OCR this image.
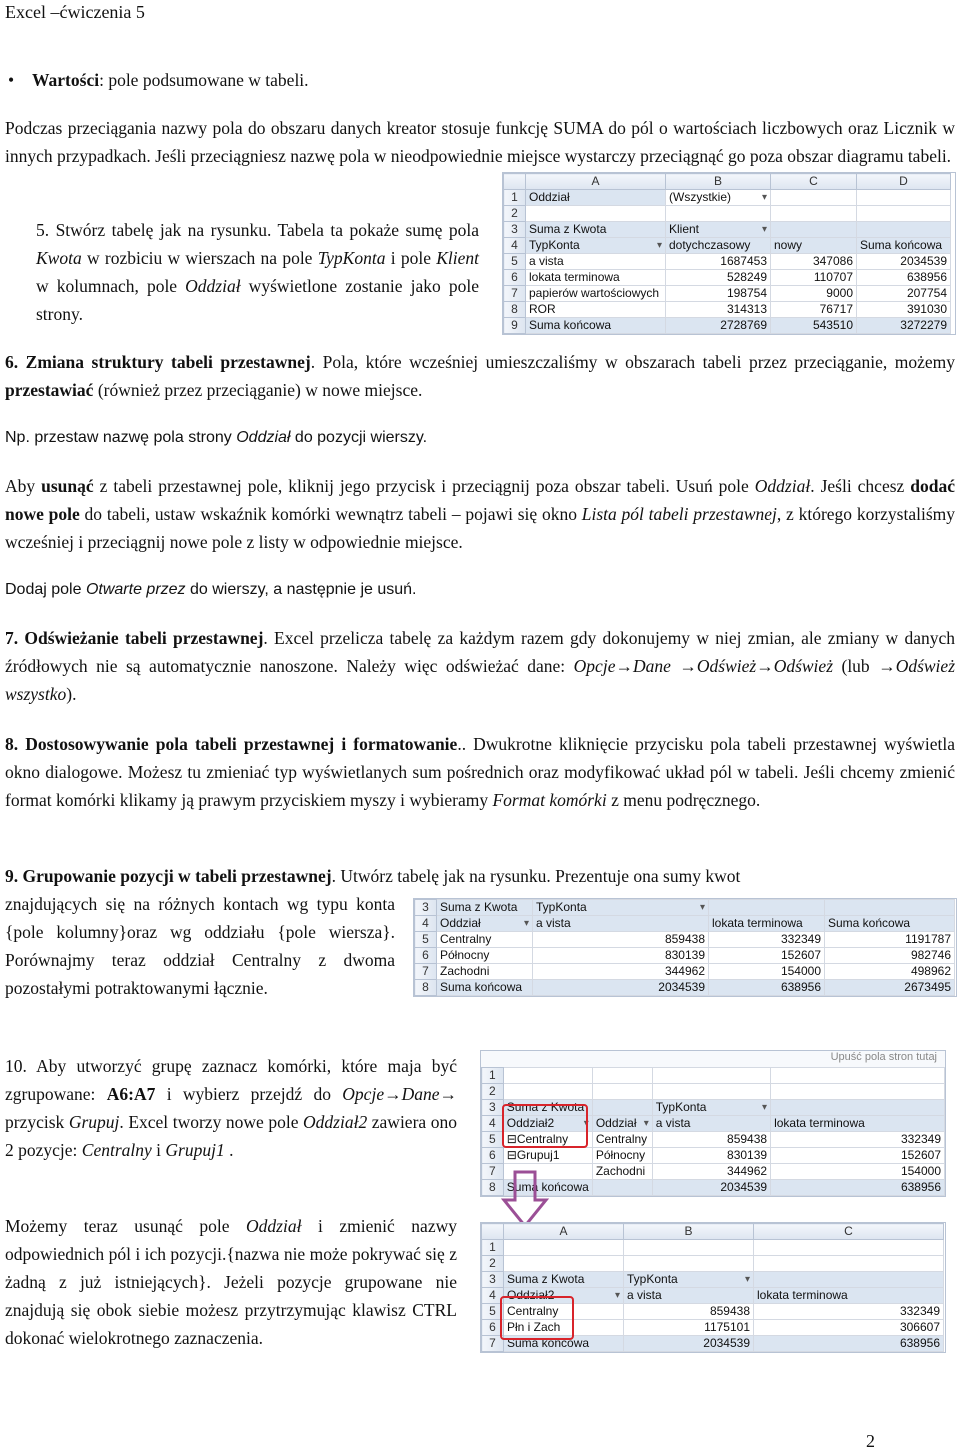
Excel –ćwiczenia 5
Wartości: pole podsumowane w tabeli.
Podczas przeciągania nazwy pola do obszaru danych kreator stosuje funkcję SUMA do pól o wartościach liczbowych oraz Licznik w innych przypadkach. Jeśli przeciągniesz nazwę pola w nieodpowiednie miejsce wystarczy przeciągnąć go poza obszar diagramu tabeli.
5. Stwórz tabelę jak na rysunku. Tabela ta pokaże sumę pola Kwota w rozbiciu w wierszach na pole TypKonta i pole Klient w kolumnach, pole Oddział wyświetlone zostanie jako pole strony.
	A	B	C	D
1	Oddział	(Wszystkie) ▾		
2				
3	Suma z Kwota	Klient ▾		
4	TypKonta ▾	dotychczasowy	nowy	Suma końcowa
5	a vista	1687453	347086	2034539
6	lokata terminowa	528249	110707	638956
7	papierów wartościowych	198754	9000	207754
8	ROR	314313	76717	391030
9	Suma końcowa	2728769	543510	3272279
6. Zmiana struktury tabeli przestawnej. Pola, które wcześniej umieszczaliśmy w obszarach tabeli przez przeciąganie, możemy przestawiać (również przez przeciąganie) w nowe miejsce.
Np. przestaw nazwę pola strony Oddział do pozycji wierszy.
Aby usunąć z tabeli przestawnej pole, kliknij jego przycisk i przeciągnij poza obszar tabeli. Usuń pole Oddział. Jeśli chcesz dodać nowe pole do tabeli, ustaw wskaźnik komórki wewnątrz tabeli – pojawi się okno Lista pól tabeli przestawnej, z którego korzystaliśmy wcześniej i przeciągnij nowe pole z listy w odpowiednie miejsce.
Dodaj pole Otwarte przez do wierszy, a następnie je usuń.
7. Odświeżanie tabeli przestawnej. Excel przelicza tabelę za każdym razem gdy dokonujemy w niej zmian, ale zmiany w danych źródłowych nie są automatycznie nanoszone. Należy więc odświeżać dane: Opcje→Dane →Odśwież→Odśwież (lub →Odśwież wszystko).
8. Dostosowywanie pola tabeli przestawnej i formatowanie.. Dwukrotne kliknięcie przycisku pola tabeli przestawnej wyświetla okno dialogowe. Możesz tu zmieniać typ wyświetlanych sum pośrednich oraz modyfikować układ pól w tabeli. Jeśli chcemy zmienić format komórki klikamy ją prawym przyciskiem myszy i wybieramy Format komórki z menu podręcznego.
9. Grupowanie pozycji w tabeli przestawnej. Utwórz tabelę jak na rysunku. Prezentuje ona sumy kwot
znajdujących się na różnych kontach wg typu konta {pole kolumny}oraz wg oddziału {pole wiersza}. Porównajmy teraz oddział Centralny z dwoma pozostałymi potraktowanymi łącznie.
3	Suma z Kwota	TypKonta ▾		
4	Oddział ▾	a vista	lokata terminowa	Suma końcowa
5	Centralny	859438	332349	1191787
6	Północny	830139	152607	982746
7	Zachodni	344962	154000	498962
8	Suma końcowa	2034539	638956	2673495
10. Aby utworzyć grupę zaznacz komórki, które maja być zgrupowane: A6:A7 i wybierz przejdź do Opcje→Dane→ przycisk Grupuj. Excel tworzy nowe pole Oddział2 zawiera ono 2 pozycje: Centralny i Grupuj1 .
Upuść pola stron tutaj
1				
2				
3	Suma z Kwota		TypKonta ▾	
4	Oddział2 ▾	Oddział ▾	a vista	lokata terminowa
5	⊟Centralny	Centralny	859438	332349
6	⊟Grupuj1	Północny	830139	152607
7		Zachodni	344962	154000
8	Suma końcowa		2034539	638956
Możemy teraz usunąć pole Oddział i zmienić nazwy odpowiednich pól i ich pozycji.{nazwa nie może pokrywać się z żadną z już istniejących}. Jeżeli pozycje grupowane nie znajdują się obok siebie możesz przytrzymując klawisz CTRL dokonać wielokrotnego zaznaczenia.
	A	B	C
1			
2			
3	Suma z Kwota	TypKonta ▾	
4	Oddział2 ▾	a vista	lokata terminowa
5	Centralny	859438	332349
6	Płn i Zach	1175101	306607
7	Suma końcowa	2034539	638956
2
